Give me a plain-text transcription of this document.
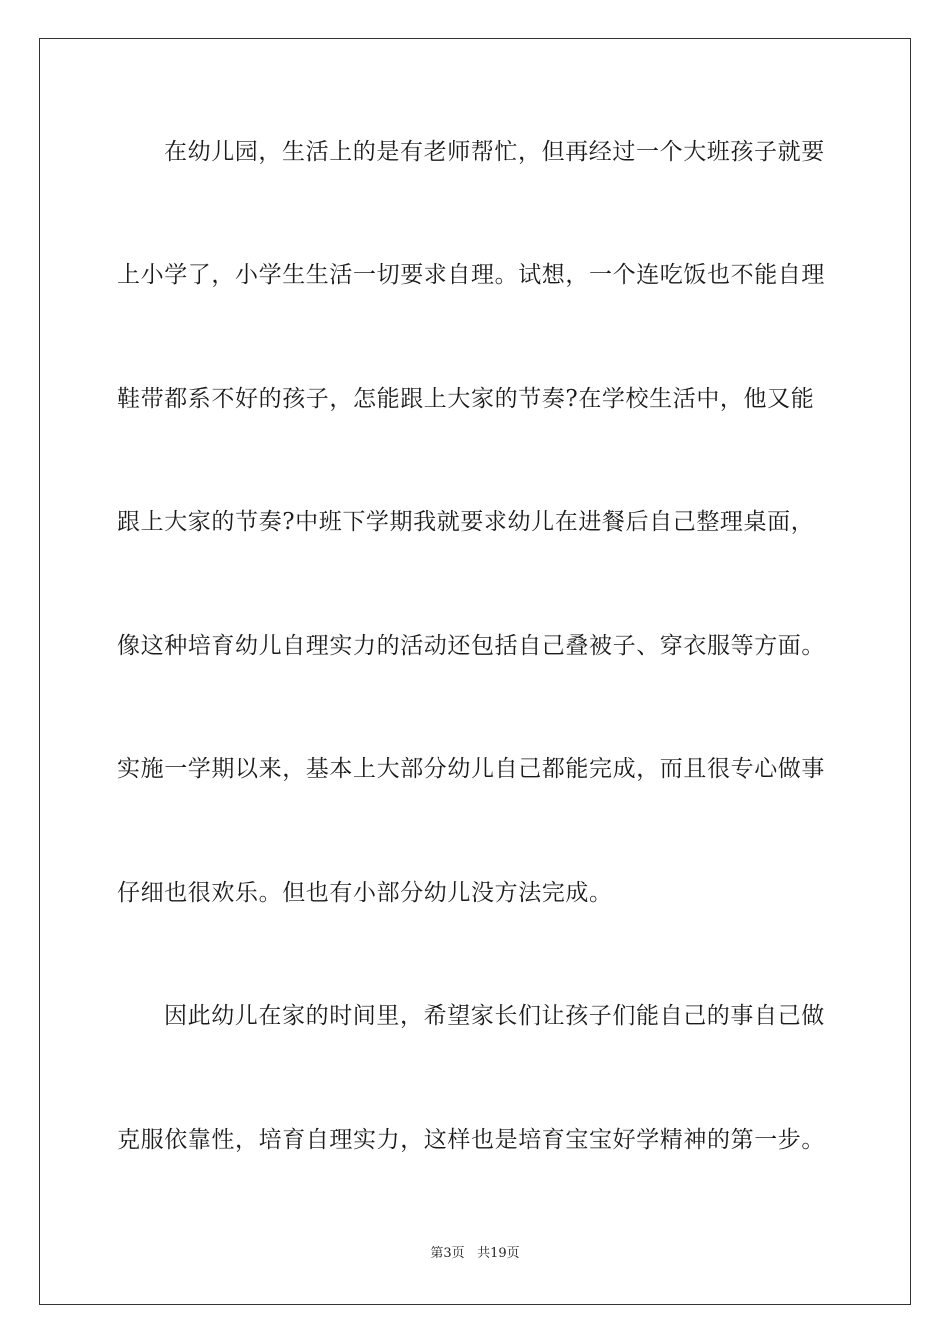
在幼儿园，生活上的是有老师帮忙，但再经过一个大班孩子就要
上小学了，小学生生活一切要求自理。试想，一个连吃饭也不能自理
鞋带都系不好的孩子，怎能跟上大家的节奏?在学校生活中，他又能
跟上大家的节奏?中班下学期我就要求幼儿在进餐后自己整理桌面，
像这种培育幼儿自理实力的活动还包括自己叠被子、穿衣服等方面。
实施一学期以来，基本上大部分幼儿自己都能完成，而且很专心做事
仔细也很欢乐。但也有小部分幼儿没方法完成。
因此幼儿在家的时间里，希望家长们让孩子们能自己的事自己做
克服依靠性，培育自理实力，这样也是培育宝宝好学精神的第一步。
第3页 共19页
